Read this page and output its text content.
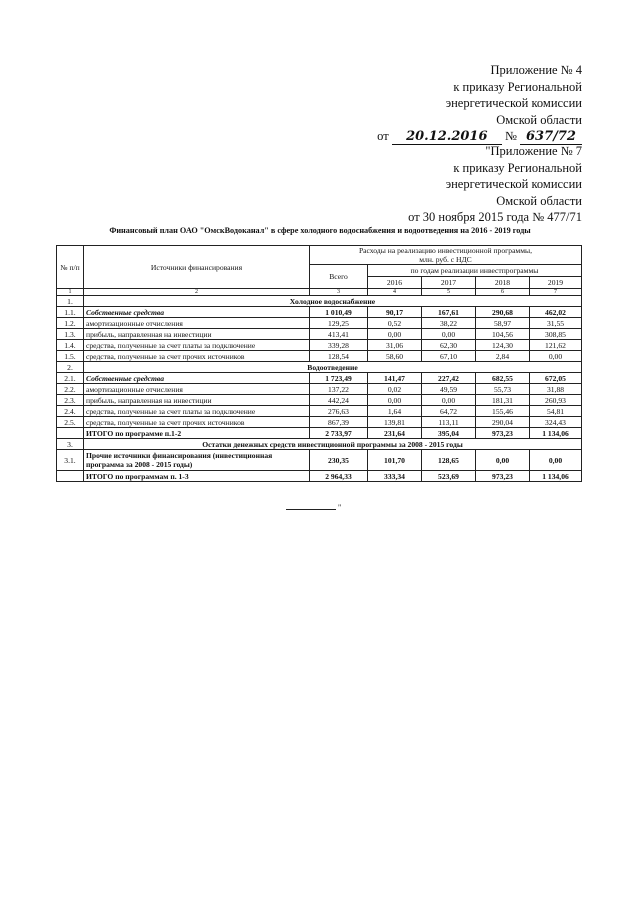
Приложение № 4
к приказу Региональной
энергетической комиссии
Омской области
от 20.12.2016 № 637/72
"Приложение № 7
к приказу Региональной
энергетической комиссии
Омской области
от 30 ноября 2015 года № 477/71
Финансовый план ОАО "ОмскВодоканал" в сфере холодного водоснабжения и водоотведения на 2016 - 2019 годы
№ п/п	Источники финансирования	Расходы на реализацию инвестиционной программы,
млн. руб. с НДС				

		Всего	по годам реализации инвестпрограммы			
			2016	2017	2018	2019
1	2	3	4	5	6	7
1.	Холодное водоснабжение					
1.1.	Собственные средства	1 010,49	90,17	167,61	290,68	462,02
1.2.	амортизационные отчисления	129,25	0,52	38,22	58,97	31,55
1.3.	прибыль, направленная на инвестиции	413,41	0,00	0,00	104,56	308,85
1.4.	средства, полученные за счет платы за подключение	339,28	31,06	62,30	124,30	121,62
1.5.	средства, полученные за счет прочих источников	128,54	58,60	67,10	2,84	0,00
2.	Водоотведение					
2.1.	Собственные средства	1 723,49	141,47	227,42	682,55	672,05
2.2.	амортизационные отчисления	137,22	0,02	49,59	55,73	31,88
2.3.	прибыль, направленная на инвестиции	442,24	0,00	0,00	181,31	260,93
2.4.	средства, полученные за счет платы за подключение	276,63	1,64	64,72	155,46	54,81
2.5.	средства, полученные за счет прочих источников	867,39	139,81	113,11	290,04	324,43
	ИТОГО по программе п.1-2	2 733,97	231,64	395,04	973,23	1 134,06
3.	Остатки денежных средств инвестиционной программы за 2008 - 2015 годы					
3.1.	Прочие источники финансирования (инвестиционная программа за 2008 - 2015 годы)	230,35	101,70	128,65	0,00	0,00
	ИТОГО по программам п. 1-3	2 964,33	333,34	523,69	973,23	1 134,06
"
